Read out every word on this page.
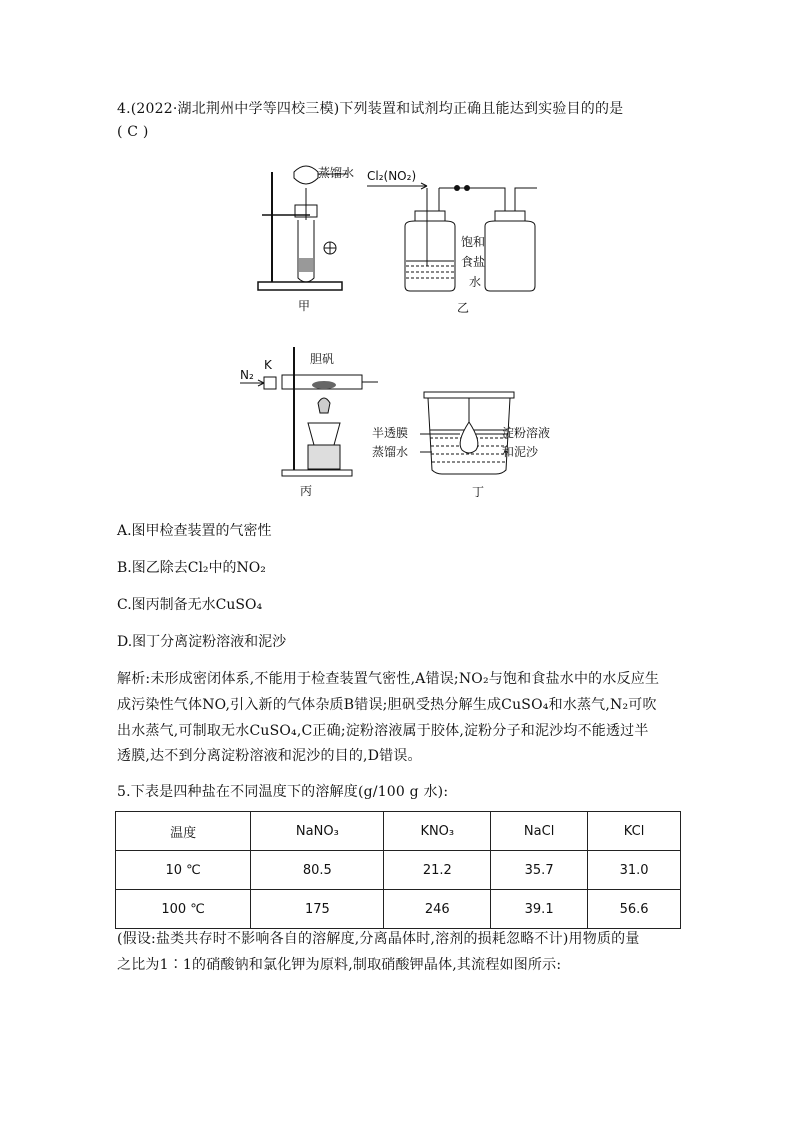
4.(2022·湖北荆州中学等四校三模)下列装置和试剂均正确且能达到实验目的的是
( C )
甲
蒸馏水 Cl₂(NO₂)
饱和
食盐
水
乙
N₂
K	胆矾
丙	丁
半透膜
蒸馏水
淀粉溶液
和泥沙
A.图甲检查装置的气密性
B.图乙除去Cl₂中的NO₂
C.图丙制备无水CuSO₄
D.图丁分离淀粉溶液和泥沙
解析:未形成密闭体系,不能用于检查装置气密性,A错误;NO₂与饱和食盐水中的水反应生
成污染性气体NO,引入新的气体杂质B错误;胆矾受热分解生成CuSO₄和水蒸气,N₂可吹
出水蒸气,可制取无水CuSO₄,C正确;淀粉溶液属于胶体,淀粉分子和泥沙均不能透过半
透膜,达不到分离淀粉溶液和泥沙的目的,D错误。
5.下表是四种盐在不同温度下的溶解度(g/100 g 水):
温度	NaNO₃	KNO₃	NaCl	KCl
10 ℃	80.5	21.2	35.7	31.0
100 ℃	175	246	39.1	56.6
(假设:盐类共存时不影响各自的溶解度,分离晶体时,溶剂的损耗忽略不计)用物质的量
之比为1∶1的硝酸钠和氯化钾为原料,制取硝酸钾晶体,其流程如图所示:
